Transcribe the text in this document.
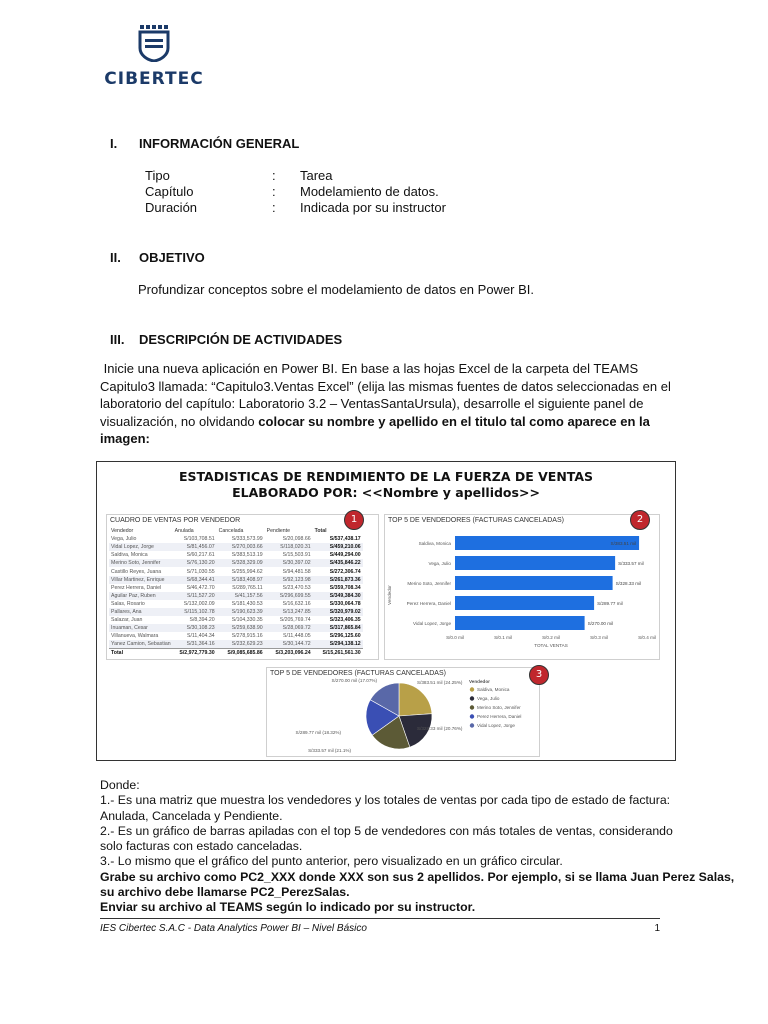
CIBERTEC
I. INFORMACIÓN GENERAL
Tipo	: Tarea
Capítulo	: Modelamiento de datos.
Duración	: Indicada por su instructor
II. OBJETIVO
Profundizar conceptos sobre el modelamiento de datos en Power BI.
III. DESCRIPCIÓN DE ACTIVIDADES
Inicie una nueva aplicación en Power BI. En base a las hojas Excel de la carpeta del TEAMS
Capitulo3 llamada: “Capitulo3.Ventas Excel” (elija las mismas fuentes de datos seleccionadas en el
laboratorio del capítulo: Laboratorio 3.2 – VentasSantaUrsula), desarrolle el siguiente panel de
visualización, no olvidando colocar su nombre y apellido en el titulo tal como aparece en la
imagen:
ESTADISTICAS DE RENDIMIENTO DE LA FUERZA DE VENTAS
ELABORADO POR: <<Nombre y apellidos>>
CUADRO DE VENTAS POR VENDEDOR
Vendedor	Anulada	Cancelada	Pendiente	Total
Vega, Julio	S/103,708.51	S/333,573.99	S/20,098.66	S/537,438.17
Vidal Lopez, Jorge	S/81,456.07	S/270,003.66	S/118,020.31	S/459,210.06
Saldiva, Monica	S/60,217.61	S/383,513.19	S/15,503.91	S/449,294.00
Merino Soto, Jennifer	S/76,130.20	S/328,329.09	S/30,397.02	S/435,846.22
Castillo Reyes, Juana	S/71,030.55	S/255,994.62	S/94,481.58	S/272,306.74
Villar Martinez, Enrique	S/68,344.41	S/183,408.97	S/92,123.98	S/261,873.36
Perez Herrera, Daniel	S/46,472.70	S/289,765.11	S/23,470.53	S/359,708.34
Aguilar Paz, Ruben	S/11,527.20	S/41,157.56	S/296,699.55	S/349,384.30
Salas, Rosario	S/132,002.09	S/181,430.53	S/16,632.16	S/330,064.78
Pallares, Ana	S/115,102.78	S/190,623.39	S/13,247.85	S/320,979.02
Salazar, Juan	S/8,394.20	S/104,330.35	S/205,769.74	S/323,406.35
Inuaman, Cesar	S/30,108.23	S/259,638.90	S/28,069.72	S/317,865.84
Villanueva, Walmara	S/11,404.34	S/278,915.16	S/11,448.05	S/296,125.60
Yanez Camion, Sebastian	S/31,364.16	S/232,629.23	S/30,144.72	S/294,138.12
Total	S/2,972,779.30	S/9,085,685.86	S/3,203,096.24	S/15,261,561.30
1	TOP 5 DE VENDEDORES (FACTURAS CANCELADAS)	2
Vendedor
Saldiva, Monica	S/383.51 mil
Vega, Julio	S/333.57 mil
Merino Soto, Jennifer	S/328.33 mil
Perez Herrera, Daniel	S/289.77 mil
Vidal Lopez, Jorge	S/270.00 mil
S/0.0 mil	S/0.1 mil	S/0.2 mil	S/0.3 mil	S/0.4 mil
TOTAL VENTAS
TOP 5 DE VENDEDORES (FACTURAS CANCELADAS)	3
S/383.51 mil (24.25%)
S/333.57 mil (21.1%)
S/328.33 mil (20.76%)
S/289.77 mil (18.32%)
S/270.00 mil (17.07%)	Vendedor
Saldiva, Monica
Vega, Julio
Merino Soto, Jennifer
Perez Herrera, Daniel
Vidal Lopez, Jorge
Donde:
1.- Es una matriz que muestra los vendedores y los totales de ventas por cada tipo de estado de factura:
Anulada, Cancelada y Pendiente.
2.- Es un gráfico de barras apiladas con el top 5 de vendedores con más totales de ventas, considerando
solo facturas con estado canceladas.
3.- Lo mismo que el gráfico del punto anterior, pero visualizado en un gráfico circular.
Grabe su archivo como PC2_XXX donde XXX son sus 2 apellidos. Por ejemplo, si se llama Juan Perez Salas,
su archivo debe llamarse PC2_PerezSalas.
Enviar su archivo al TEAMS según lo indicado por su instructor.
IES Cibertec S.A.C - Data Analytics Power BI – Nivel Básico	1
